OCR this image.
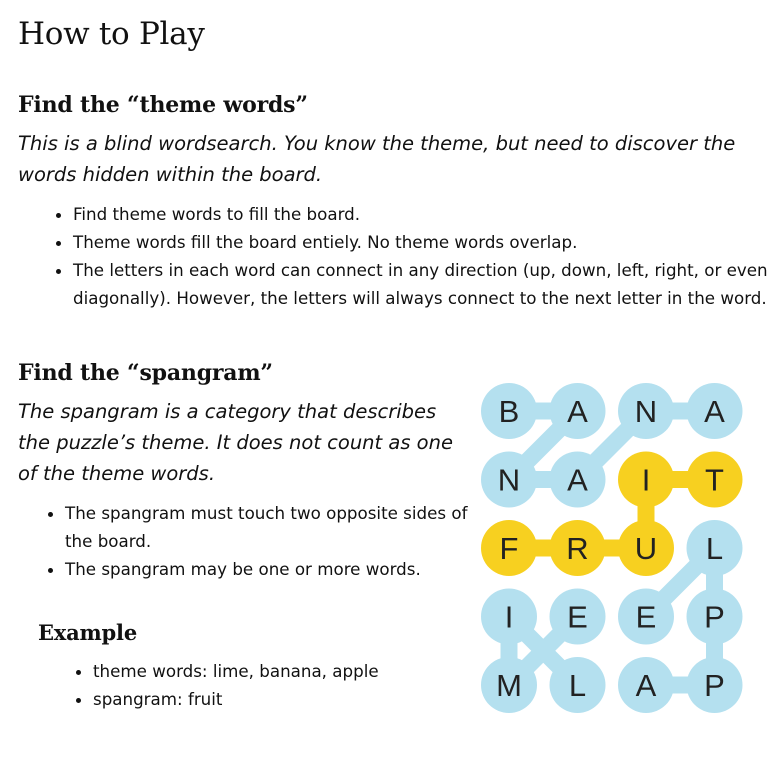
How to Play
Find the “theme words”

This is a blind wordsearch. You know the theme, but need to discover the words hidden within the board.

• Find theme words to fill the board.
• Theme words fill the board entiely. No theme words overlap.
• The letters in each word can connect in any direction (up, down, left, right, or even diagonally). However, the letters will always connect to the next letter in the word.
Find the “spangram”

The spangram is a category that describes the puzzle’s theme. It does not count as one of the theme words.

• The spangram must touch two opposite sides of the board.
• The spangram may be one or more words.
Example
• theme words: lime, banana, apple
• spangram: fruit
B A N A
N A I T
F R U L
I E E P
M L A P
